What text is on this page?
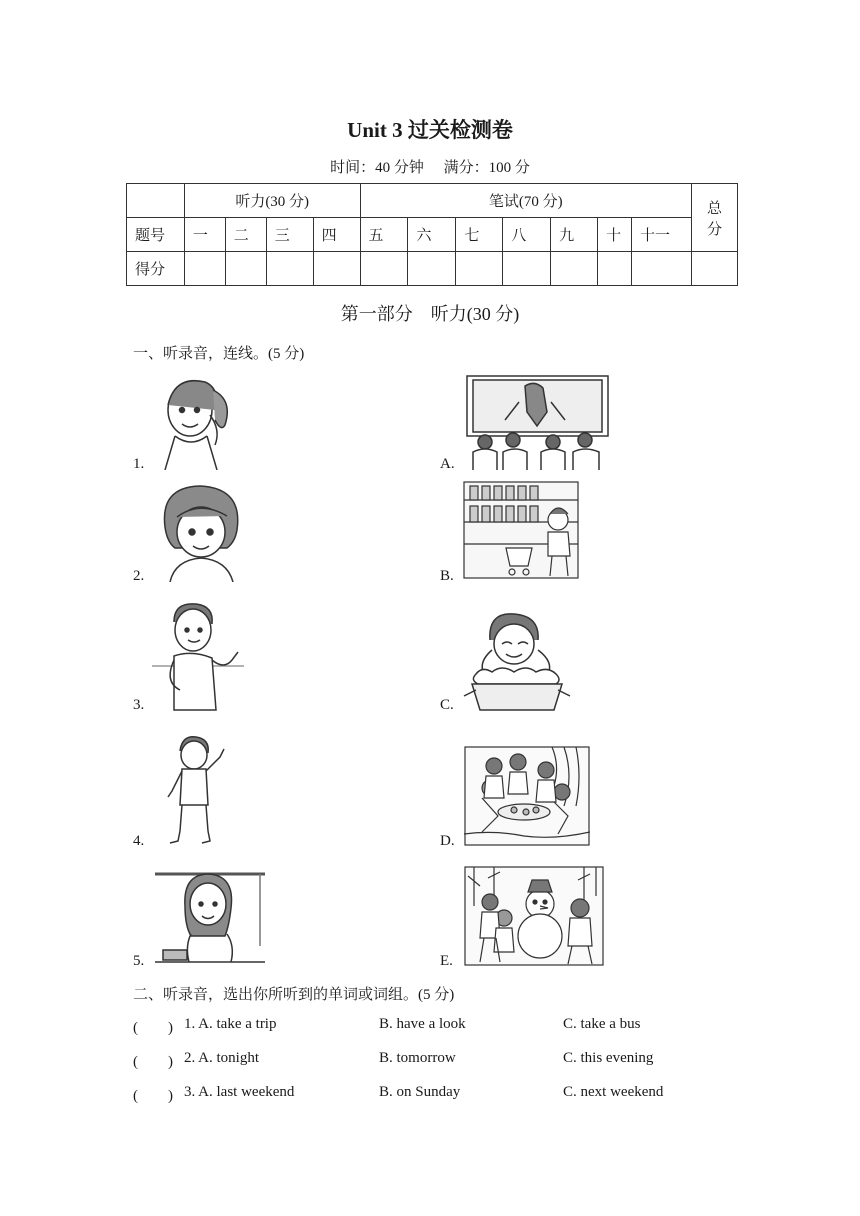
Unit 3 过关检测卷
时间：40 分钟 满分：100 分
	听力(30 分)				笔试(70 分)							总分
题号	一	二	三	四	五	六	七	八	九	十	十一	
得分												
第一部分　听力(30 分)
一、听录音，连线。(5 分)
1.
2.
3.
4.
5.
A.
B.
C.
D.
E.
二、听录音，选出你所听到的单词或词组。(5 分)
(　　) 1. A. take a trip	B. have a look	C. take a bus
(　　) 2. A. tonight	B. tomorrow	C. this evening
(　　) 3. A. last weekend	B. on Sunday	C. next weekend
